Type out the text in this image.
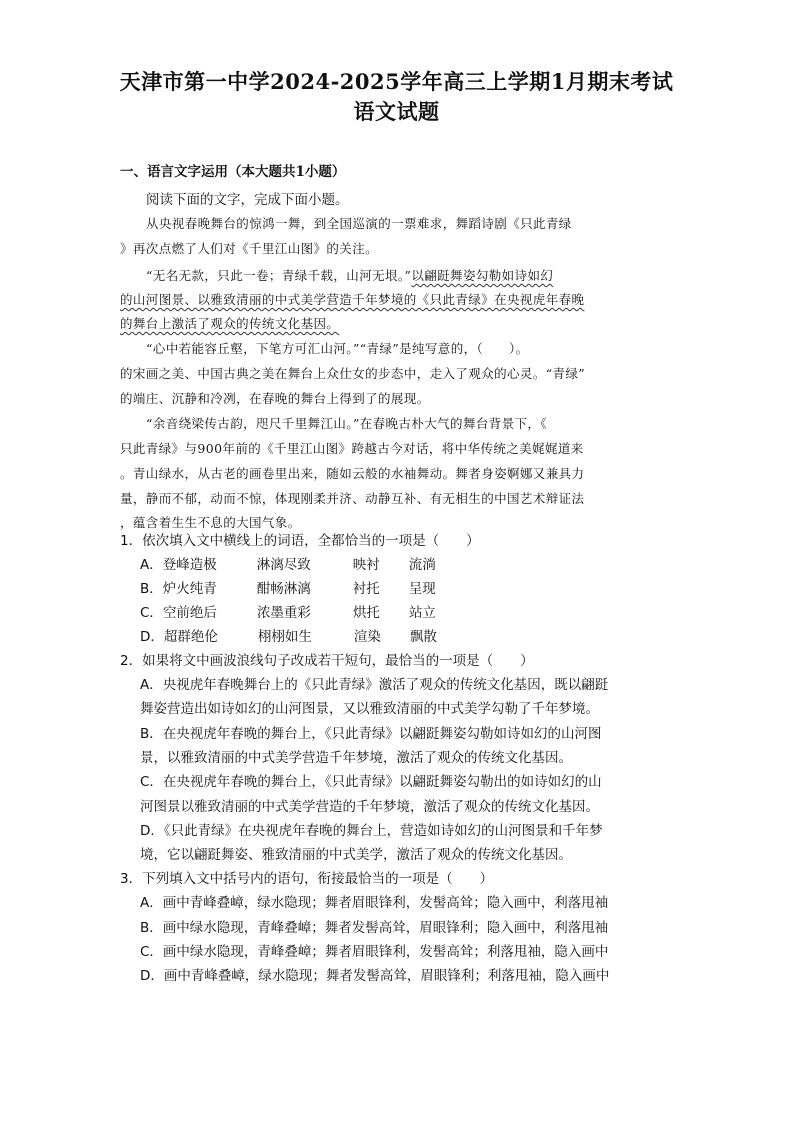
天津市第一中学2024-2025学年高三上学期1月期末考试
语文试题
一、语言文字运用（本大题共1小题）
阅读下面的文字，完成下面小题。
从央视春晚舞台的惊鸿一舞，到全国巡演的一票难求，舞蹈诗剧《只此青绿
》再次点燃了人们对《千里江山图》的关注。
“无名无款，只此一卷；青绿千载，山河无垠。”以翩跹舞姿勾勒如诗如幻
的山河图景、以雅致清丽的中式美学营造千年梦境的《只此青绿》在央视虎年春晚
的舞台上激活了观众的传统文化基因。
“心中若能容丘壑，下笔方可汇山河。”“青绿”是纯写意的，（　　）。
的宋画之美、中国古典之美在舞台上众仕女的步态中，走入了观众的心灵。“青绿”
的端庄、沉静和冷冽，在春晚的舞台上得到了的展现。
“余音绕梁传古韵，咫尺千里舞江山。”在春晚古朴大气的舞台背景下，《
只此青绿》与900年前的《千里江山图》跨越古今对话，将中华传统之美娓娓道来
。青山绿水，从古老的画卷里出来，随如云般的水袖舞动。舞者身姿婀娜又兼具力
量，静而不郁，动而不惊，体现刚柔并济、动静互补、有无相生的中国艺术辩证法
，蕴含着生生不息的大国气象。
1．依次填入文中横线上的词语，全都恰当的一项是（　　）
A．登峰造极	淋漓尽致	映衬 流淌
B．炉火纯青	酣畅淋漓	衬托 呈现
C．空前绝后	浓墨重彩	烘托 站立
D．超群绝伦	栩栩如生	渲染 飘散
2．如果将文中画波浪线句子改成若干短句，最恰当的一项是（　　）
A．央视虎年春晚舞台上的《只此青绿》激活了观众的传统文化基因，既以翩跹
舞姿营造出如诗如幻的山河图景，又以雅致清丽的中式美学勾勒了千年梦境。
B．在央视虎年春晚的舞台上，《只此青绿》以翩跹舞姿勾勒如诗如幻的山河图
景，以雅致清丽的中式美学营造千年梦境，激活了观众的传统文化基因。
C．在央视虎年春晚的舞台上，《只此青绿》以翩跹舞姿勾勒出的如诗如幻的山
河图景以雅致清丽的中式美学营造的千年梦境，激活了观众的传统文化基因。
D．《只此青绿》在央视虎年春晚的舞台上，营造如诗如幻的山河图景和千年梦
境，它以翩跹舞姿、雅致清丽的中式美学，激活了观众的传统文化基因。
3．下列填入文中括号内的语句，衔接最恰当的一项是（　　）
A．画中青峰叠嶂，绿水隐现；舞者眉眼锋利，发髻高耸；隐入画中，利落甩袖
B．画中绿水隐现，青峰叠嶂；舞者发髻高耸，眉眼锋利；隐入画中，利落甩袖
C．画中绿水隐现，青峰叠嶂；舞者眉眼锋利，发髻高耸；利落甩袖，隐入画中
D．画中青峰叠嶂，绿水隐现；舞者发髻高耸，眉眼锋利；利落甩袖，隐入画中
